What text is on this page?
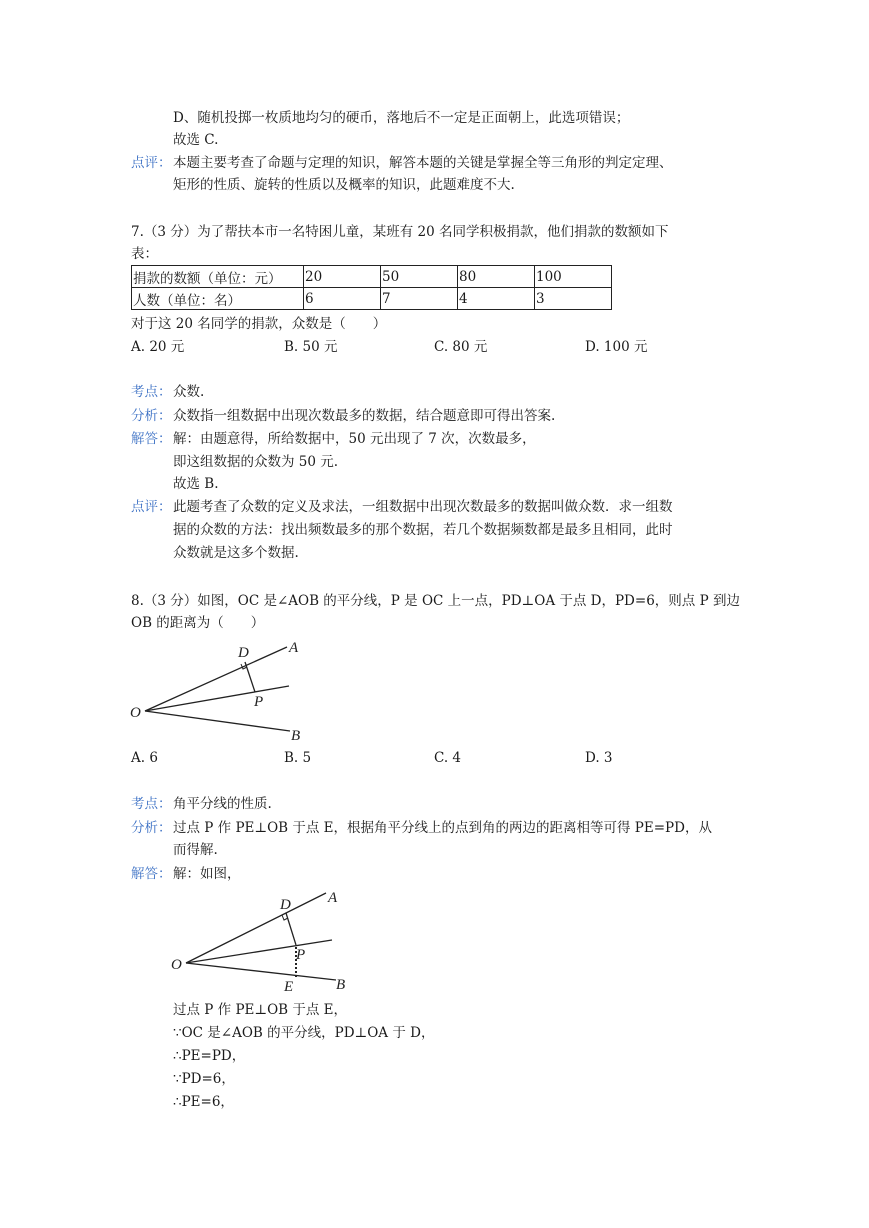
D、随机投掷一枚质地均匀的硬币，落地后不一定是正面朝上，此选项错误；
故选 C.
点评： 本题主要考查了命题与定理的知识，解答本题的关键是掌握全等三角形的判定定理、
矩形的性质、旋转的性质以及概率的知识，此题难度不大.
7.（3 分）为了帮扶本市一名特困儿童，某班有 20 名同学积极捐款，他们捐款的数额如下
表：
捐款的数额（单位：元）	20	50	80	100
人数（单位：名）	6	7	4	3
对于这 20 名同学的捐款，众数是（　　）
A. 20 元	B. 50 元	C. 80 元	D. 100 元
考点： 众数.
分析： 众数指一组数据中出现次数最多的数据，结合题意即可得出答案.
解答： 解：由题意得，所给数据中，50 元出现了 7 次，次数最多，
即这组数据的众数为 50 元.
故选 B.
点评： 此题考查了众数的定义及求法，一组数据中出现次数最多的数据叫做众数．求一组数
据的众数的方法：找出频数最多的那个数据，若几个数据频数都是最多且相同，此时
众数就是这多个数据.
8.（3 分）如图，OC 是∠AOB 的平分线，P 是 OC 上一点，PD⊥OA 于点 D，PD=6，则点 P 到边
OB 的距离为（　　）
D	A
P
O
B
A. 6	B. 5	C. 4	D. 3
考点： 角平分线的性质.
分析： 过点 P 作 PE⊥OB 于点 E，根据角平分线上的点到角的两边的距离相等可得 PE=PD，从
而得解.
解答： 解：如图，
D A
P
O
B
E
过点 P 作 PE⊥OB 于点 E，
∵OC 是∠AOB 的平分线，PD⊥OA 于 D，
∴PE=PD，
∵PD=6，
∴PE=6，
